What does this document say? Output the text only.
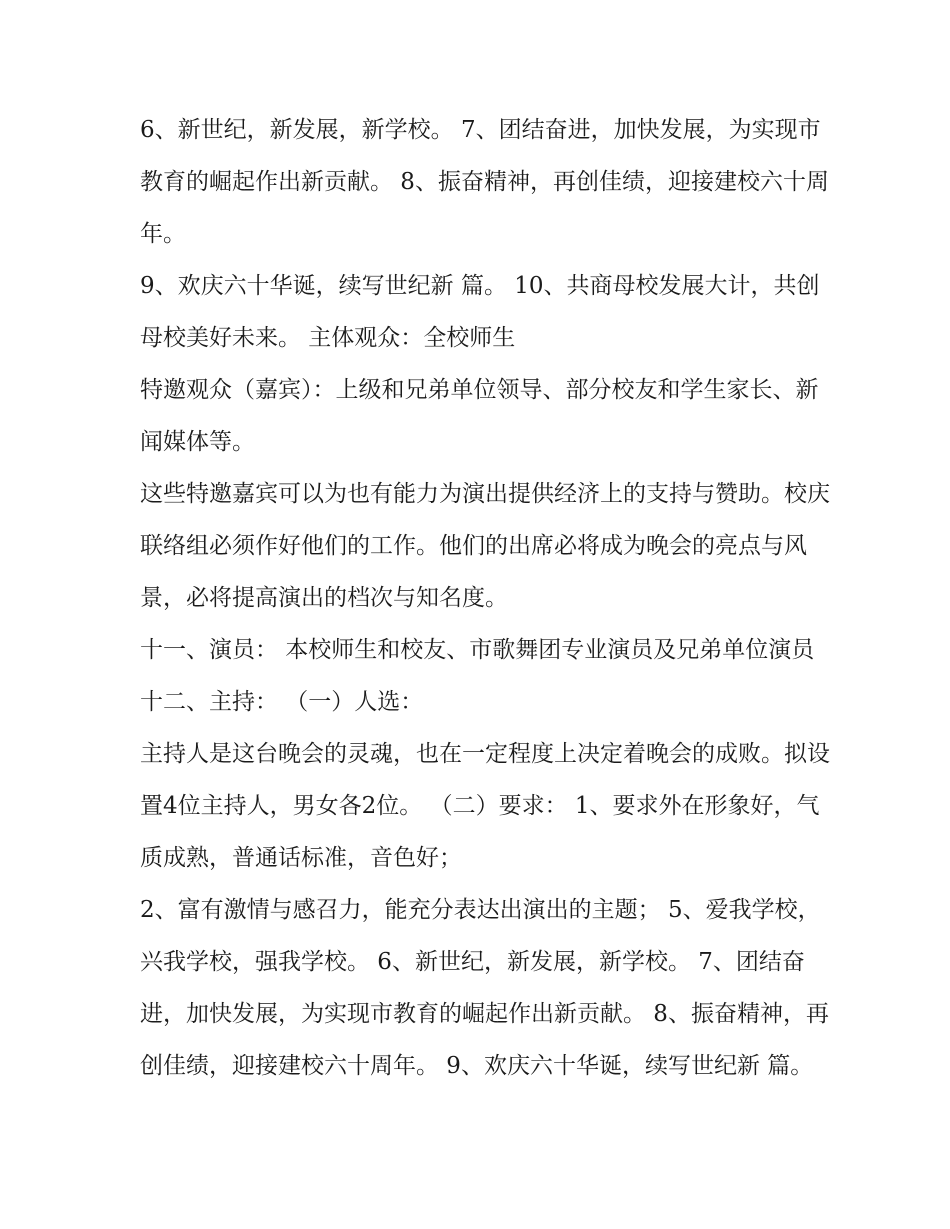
6、新世纪，新发展，新学校。 7、团结奋进，加快发展，为实现市教育的崛起作出新贡献。 8、振奋精神，再创佳绩，迎接建校六十周年。

9、欢庆六十华诞，续写世纪新 篇。 10、共商母校发展大计，共创母校美好未来。 主体观众：全校师生

特邀观众（嘉宾）：上级和兄弟单位领导、部分校友和学生家长、新闻媒体等。

这些特邀嘉宾可以为也有能力为演出提供经济上的支持与赞助。校庆联络组必须作好他们的工作。他们的出席必将成为晚会的亮点与风景，必将提高演出的档次与知名度。

十一、演员： 本校师生和校友、市歌舞团专业演员及兄弟单位演员 十二、主持： （一）人选：

主持人是这台晚会的灵魂，也在一定程度上决定着晚会的成败。拟设置4位主持人，男女各2位。 （二）要求： 1、要求外在形象好，气质成熟，普通话标准，音色好；

2、富有激情与感召力，能充分表达出演出的主题； 5、爱我学校，兴我学校，强我学校。 6、新世纪，新发展，新学校。 7、团结奋进，加快发展，为实现市教育的崛起作出新贡献。 8、振奋精神，再创佳绩，迎接建校六十周年。 9、欢庆六十华诞，续写世纪新 篇。
